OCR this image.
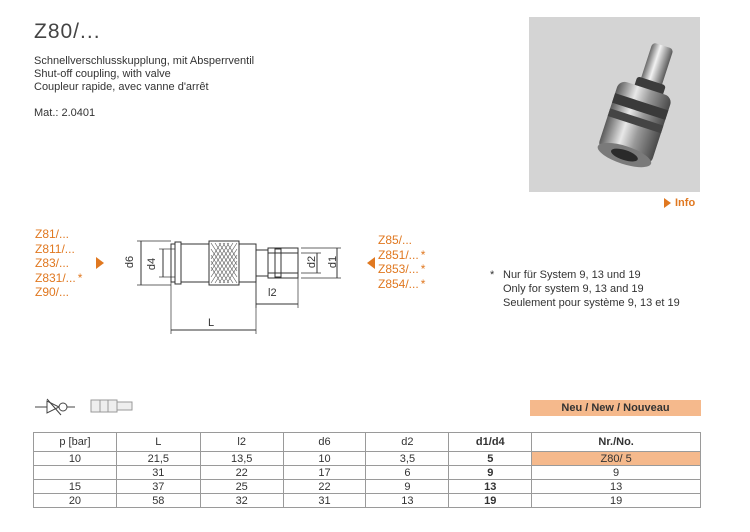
Z80/...
Schnellverschlusskupplung, mit Absperrventil
Shut-off coupling, with valve
Coupleur rapide, avec vanne d'arrêt
Mat.: 2.0401
Info
Z81/...
Z811/...
Z83/...
Z831/... *
Z90/...
Z85/...
Z851/... *
Z853/... *
Z854/... *
d6 d4	d2 d1
l2
L
* Nur für System 9, 13 und 19
Only for system 9, 13 and 19
Seulement pour système 9, 13 et 19
Neu / New / Nouveau
p [bar]	L	l2	d6	d2	d1/d4	Nr./No.
10	21,5	13,5	10	3,5	5	Z80/ 5
	31	22	17	6	9	9
15	37	25	22	9	13	13
20	58	32	31	13	19	19
